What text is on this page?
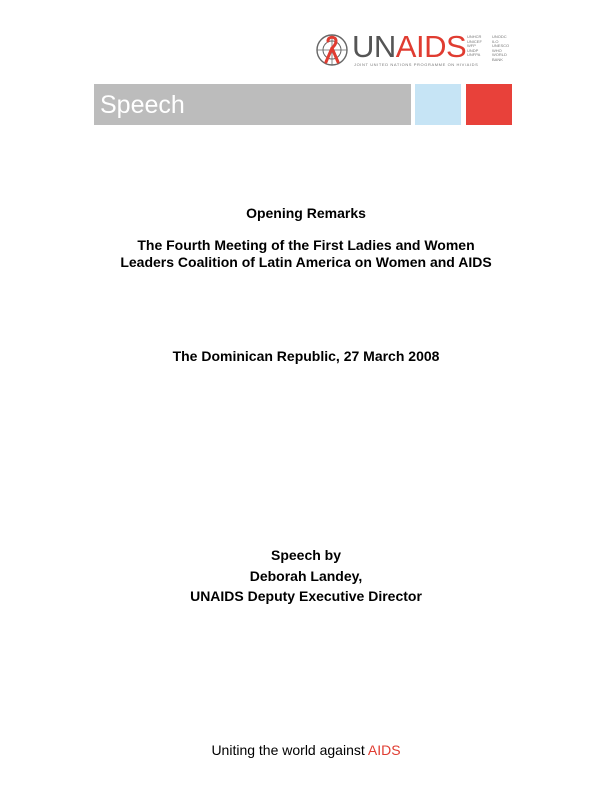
UNAIDS
JOINT UNITED NATIONS PROGRAMME ON HIV/AIDS
UNHCR
UNICEF
WFP
UNDP
UNFPA
UNODC
ILO
UNESCO
WHO
WORLD BANK
Speech
Opening Remarks
The Fourth Meeting of the First Ladies and Women
Leaders Coalition of Latin America on Women and AIDS
The Dominican Republic, 27 March 2008
Speech by
Deborah Landey,
UNAIDS Deputy Executive Director
Uniting the world against AIDS
